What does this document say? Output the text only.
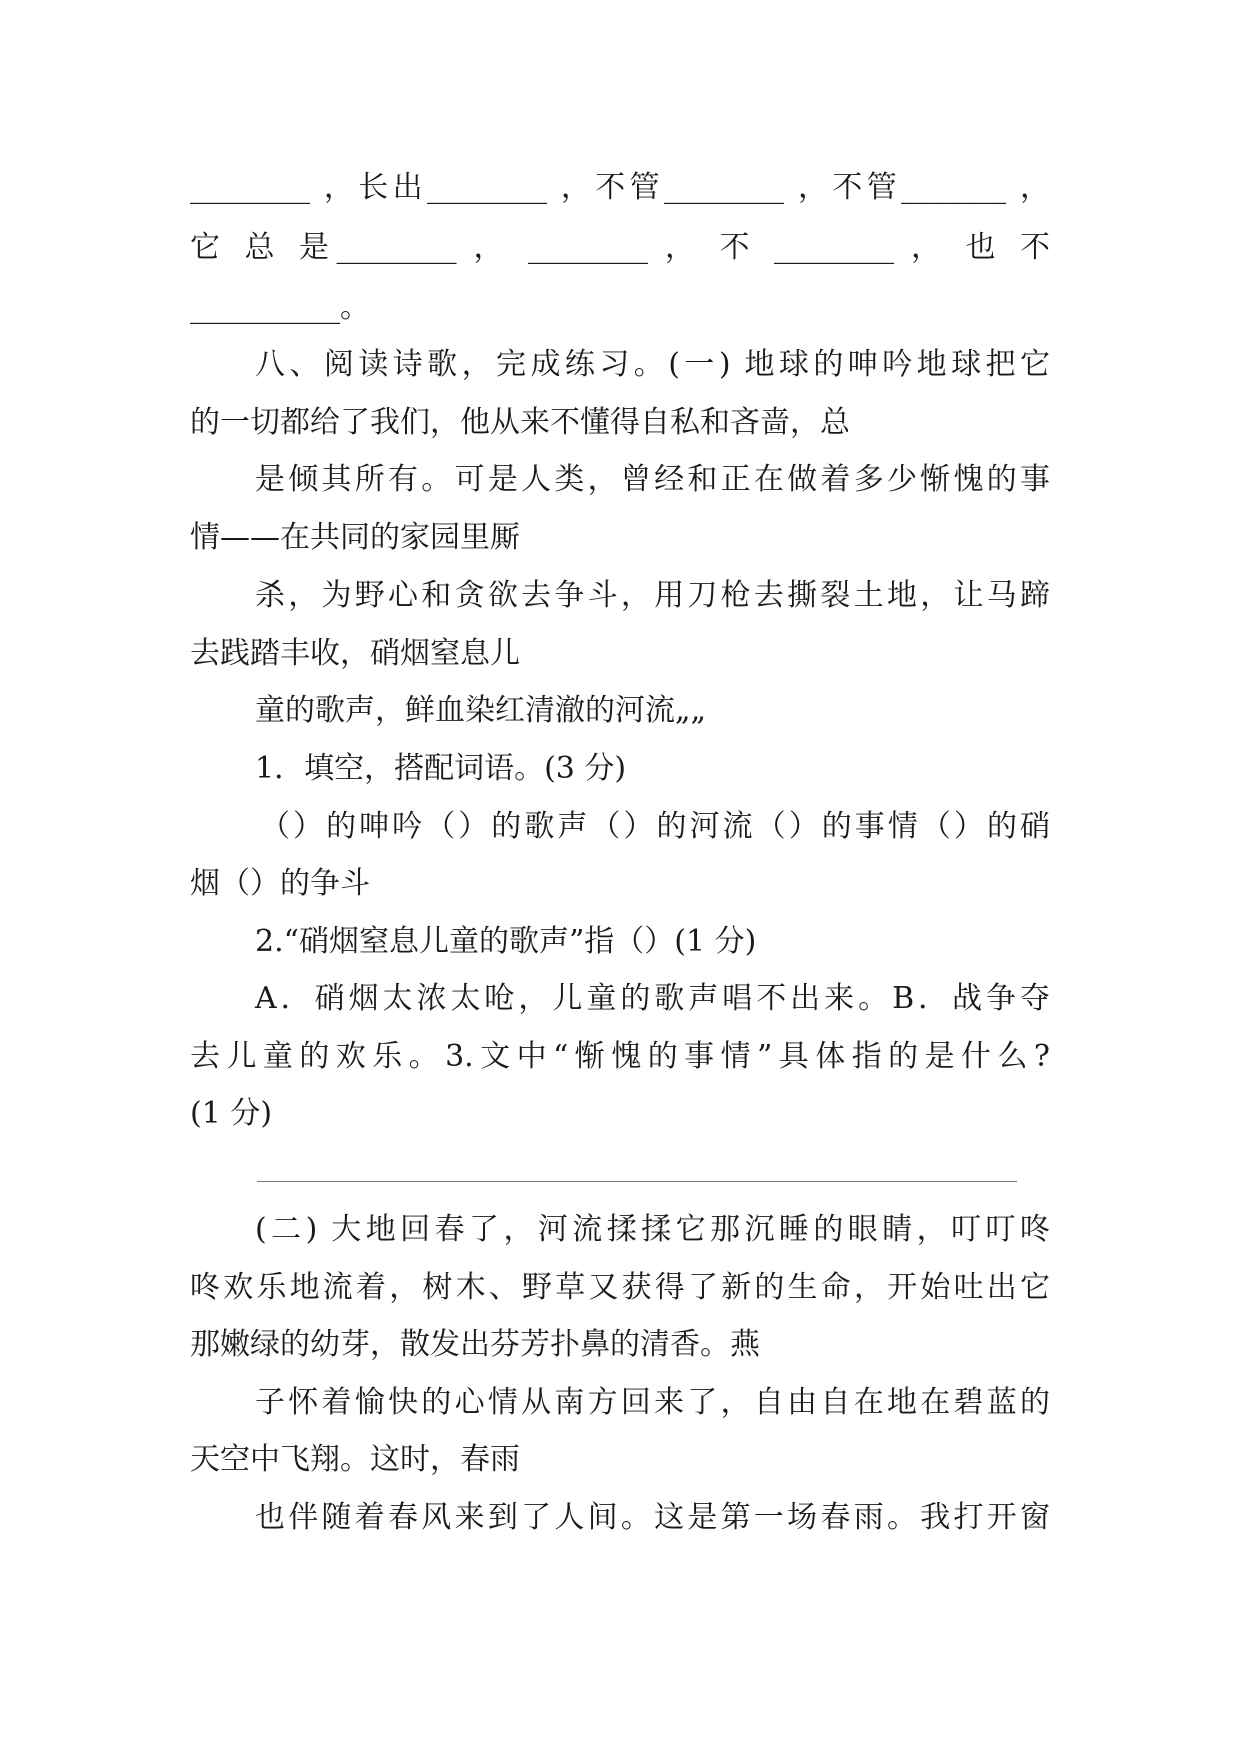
________ ，长出________ ，不管________ ，不管_______ ，
它 总 是________ ， ________ ， 不 ________ ， 也 不
__________。
八、阅读诗歌，完成练习。(一) 地球的呻吟地球把它
的一切都给了我们，他从来不懂得自私和吝啬，总
是倾其所有。可是人类，曾经和正在做着多少惭愧的事
情——在共同的家园里厮
杀，为野心和贪欲去争斗，用刀枪去撕裂土地，让马蹄
去践踏丰收，硝烟窒息儿
童的歌声，鲜血染红清澈的河流„„
1．填空，搭配词语。(3 分)
（）的呻吟（）的歌声（）的河流（）的事情（）的硝
烟（）的争斗
2.“硝烟窒息儿童的歌声”指（）(1 分)
A．硝烟太浓太呛，儿童的歌声唱不出来。B．战争夺
去儿童的欢乐。3.文中“惭愧的事情”具体指的是什么?
(1 分)
(二) 大地回春了，河流揉揉它那沉睡的眼睛，叮叮咚
咚欢乐地流着，树木、野草又获得了新的生命，开始吐出它
那嫩绿的幼芽，散发出芬芳扑鼻的清香。燕
子怀着愉快的心情从南方回来了，自由自在地在碧蓝的
天空中飞翔。这时，春雨
也伴随着春风来到了人间。这是第一场春雨。我打开窗
